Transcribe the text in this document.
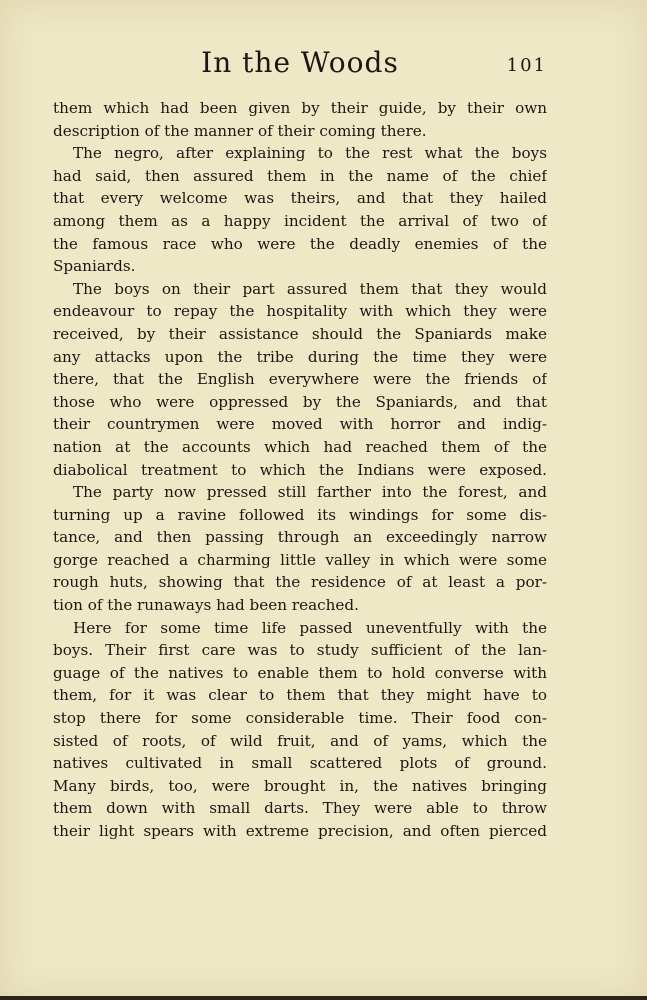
In the Woods	101
them which had been given by their guide, by their own
description of the manner of their coming there.
The negro, after explaining to the rest what the boys
had said, then assured them in the name of the chief
that every welcome was theirs, and that they hailed
among them as a happy incident the arrival of two of
the famous race who were the deadly enemies of the
Spaniards.
The boys on their part assured them that they would
endeavour to repay the hospitality with which they were
received, by their assistance should the Spaniards make
any attacks upon the tribe during the time they were
there, that the English everywhere were the friends of
those who were oppressed by the Spaniards, and that
their countrymen were moved with horror and indig-
nation at the accounts which had reached them of the
diabolical treatment to which the Indians were exposed.
The party now pressed still farther into the forest, and
turning up a ravine followed its windings for some dis-
tance, and then passing through an exceedingly narrow
gorge reached a charming little valley in which were some
rough huts, showing that the residence of at least a por-
tion of the runaways had been reached.
Here for some time life passed uneventfully with the
boys. Their first care was to study sufficient of the lan-
guage of the natives to enable them to hold converse with
them, for it was clear to them that they might have to
stop there for some considerable time. Their food con-
sisted of roots, of wild fruit, and of yams, which the
natives cultivated in small scattered plots of ground.
Many birds, too, were brought in, the natives bringing
them down with small darts. They were able to throw
their light spears with extreme precision, and often pierced
